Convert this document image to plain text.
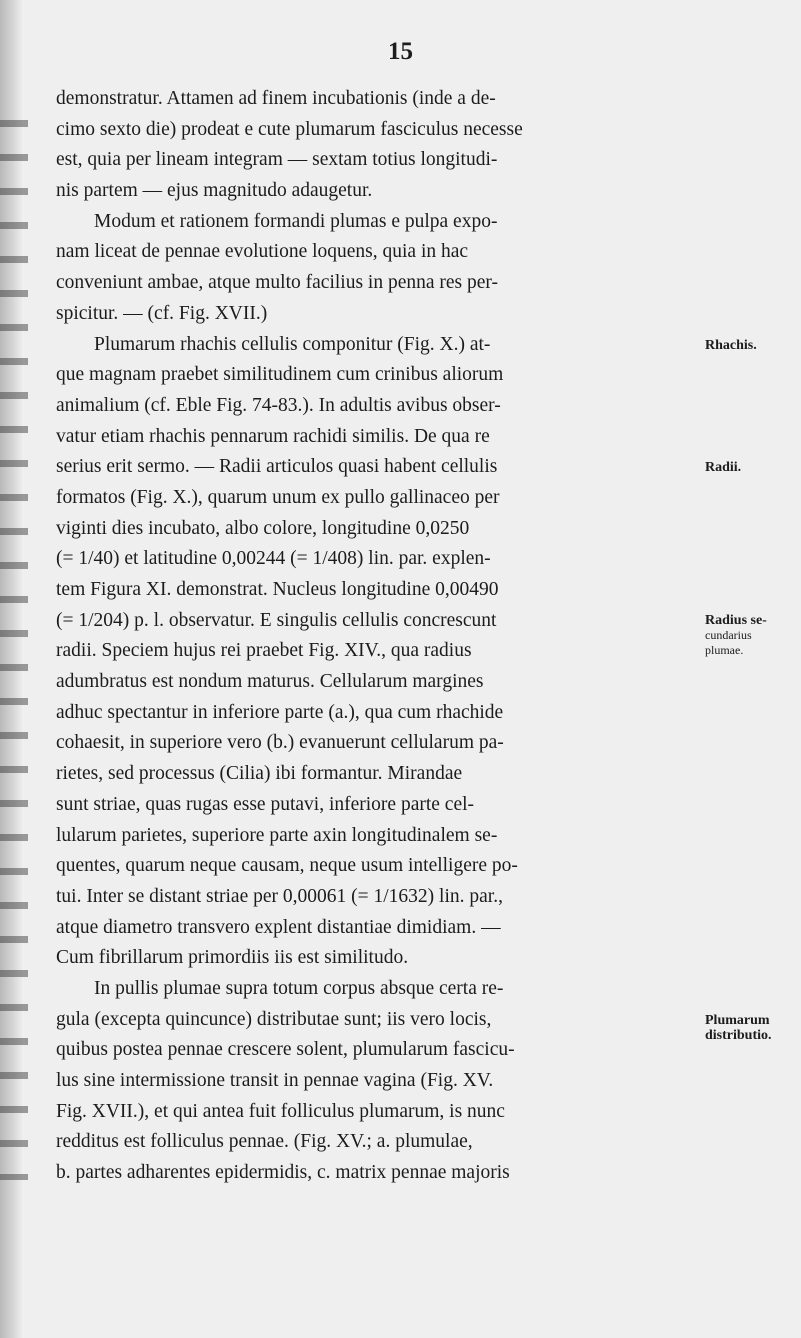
15
demonstratur. Attamen ad finem incubationis (inde a de-
cimo sexto die) prodeat e cute plumarum fasciculus necesse
est, quia per lineam integram — sextam totius longitudi-
nis partem — ejus magnitudo adaugetur.
Modum et rationem formandi plumas e pulpa expo-
nam liceat de pennae evolutione loquens, quia in hac
conveniunt ambae, atque multo facilius in penna res per-
spicitur. — (cf. Fig. XVII.)
Plumarum rhachis cellulis componitur (Fig. X.) at-
que magnam praebet similitudinem cum crinibus aliorum
animalium (cf. Eble Fig. 74-83.). In adultis avibus obser-
vatur etiam rhachis pennarum rachidi similis. De qua re
serius erit sermo. — Radii articulos quasi habent cellulis
formatos (Fig. X.), quarum unum ex pullo gallinaceo per
viginti dies incubato, albo colore, longitudine 0,0250
(= 1/40) et latitudine 0,00244 (= 1/408) lin. par. explen-
tem Figura XI. demonstrat. Nucleus longitudine 0,00490
(= 1/204) p. l. observatur. E singulis cellulis concrescunt
radii. Speciem hujus rei praebet Fig. XIV., qua radius
adumbratus est nondum maturus. Cellularum margines
adhuc spectantur in inferiore parte (a.), qua cum rhachide
cohaesit, in superiore vero (b.) evanuerunt cellularum pa-
rietes, sed processus (Cilia) ibi formantur. Mirandae
sunt striae, quas rugas esse putavi, inferiore parte cel-
lularum parietes, superiore parte axin longitudinalem se-
quentes, quarum neque causam, neque usum intelligere po-
tui. Inter se distant striae per 0,00061 (= 1/1632) lin. par.,
atque diametro transvero explent distantiae dimidiam. —
Cum fibrillarum primordiis iis est similitudo.
In pullis plumae supra totum corpus absque certa re-
gula (excepta quincunce) distributae sunt; iis vero locis,
quibus postea pennae crescere solent, plumularum fascicu-
lus sine intermissione transit in pennae vagina (Fig. XV.
Fig. XVII.), et qui antea fuit folliculus plumarum, is nunc
redditus est folliculus pennae. (Fig. XV.; a. plumulae,
b. partes adharentes epidermidis, c. matrix pennae majoris
Rhachis.
Radii.
Radius se-
cundarius
plumae.
Plumarum
distributio.
